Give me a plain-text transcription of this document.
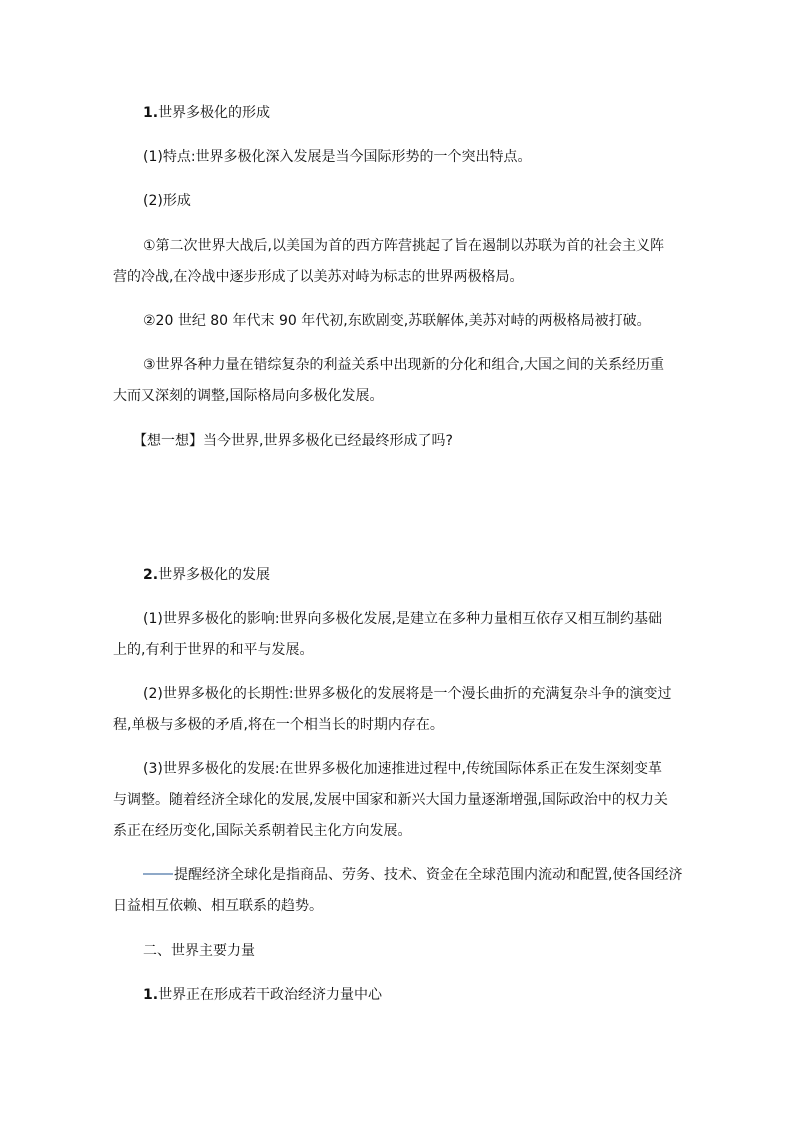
1.世界多极化的形成
(1)特点:世界多极化深入发展是当今国际形势的一个突出特点。
(2)形成
①第二次世界大战后,以美国为首的西方阵营挑起了旨在遏制以苏联为首的社会主义阵
营的冷战,在冷战中逐步形成了以美苏对峙为标志的世界两极格局。
②20 世纪 80 年代末 90 年代初,东欧剧变,苏联解体,美苏对峙的两极格局被打破。
③世界各种力量在错综复杂的利益关系中出现新的分化和组合,大国之间的关系经历重
大而又深刻的调整,国际格局向多极化发展。
【想一想】当今世界,世界多极化已经最终形成了吗?
2.世界多极化的发展
(1)世界多极化的影响:世界向多极化发展,是建立在多种力量相互依存又相互制约基础
上的,有利于世界的和平与发展。
(2)世界多极化的长期性:世界多极化的发展将是一个漫长曲折的充满复杂斗争的演变过
程,单极与多极的矛盾,将在一个相当长的时期内存在。
(3)世界多极化的发展:在世界多极化加速推进过程中,传统国际体系正在发生深刻变革
与调整。随着经济全球化的发展,发展中国家和新兴大国力量逐渐增强,国际政治中的权力关
系正在经历变化,国际关系朝着民主化方向发展。
提醒经济全球化是指商品、劳务、技术、资金在全球范围内流动和配置,使各国经济
日益相互依赖、相互联系的趋势。
二、世界主要力量
1.世界正在形成若干政治经济力量中心
